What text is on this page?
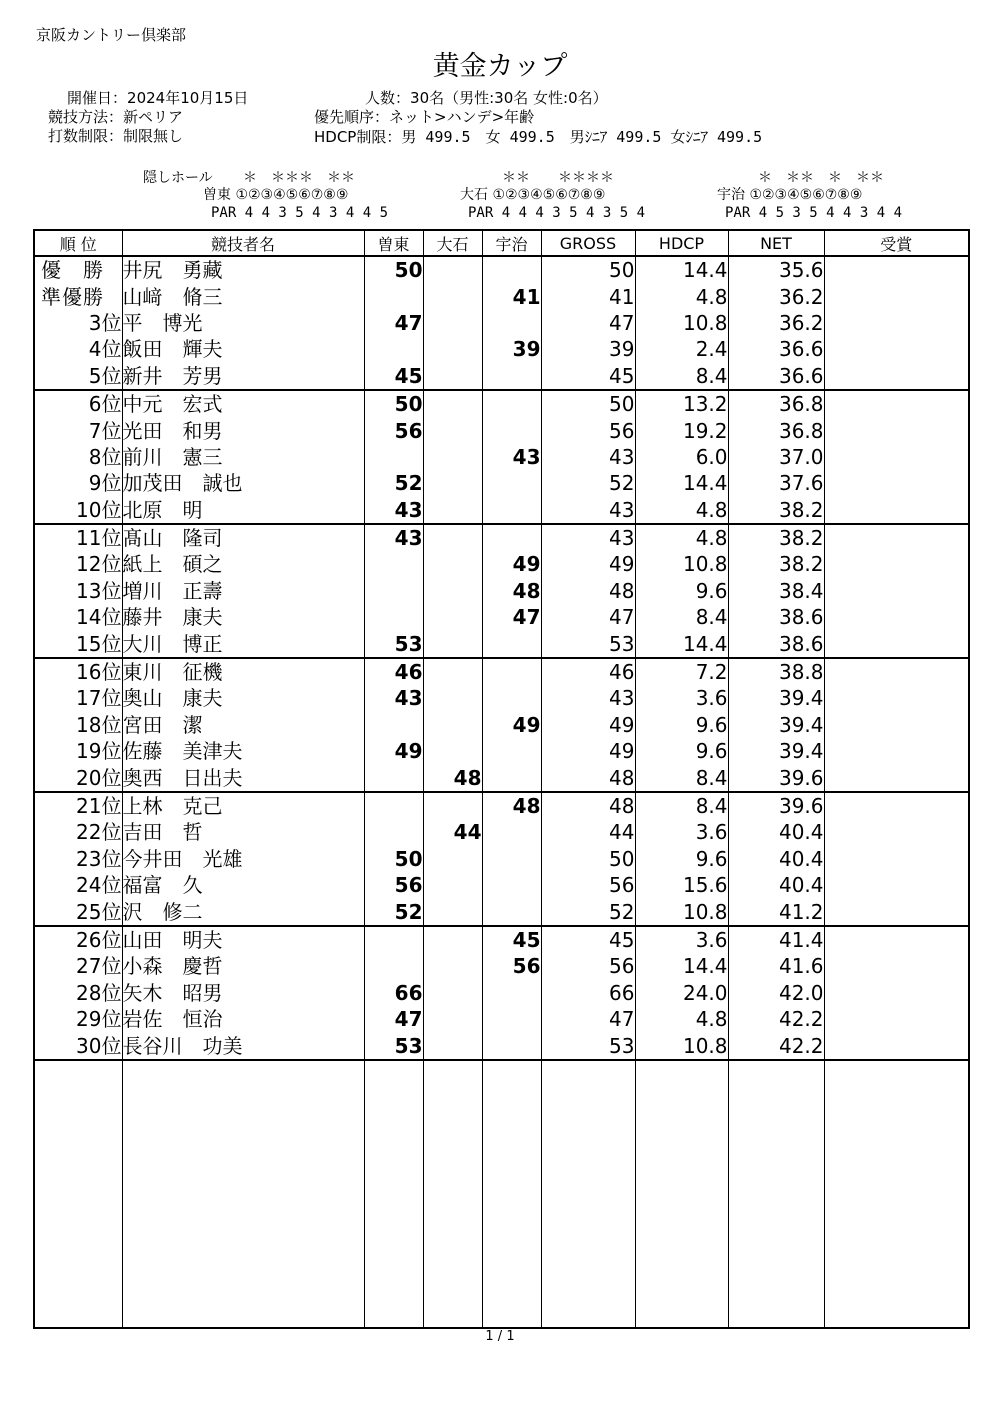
京阪カントリー倶楽部
黄金カップ
開催日：2024年10月15日
競技方法：新ペリア
打数制限：制限無し
人数：30名（男性:30名 女性:0名）
優先順序：ネット>ハンデ>年齢
HDCP制限：男 499.5　女 499.5　男ｼﾆｱ 499.5 女ｼﾆｱ 499.5
隠しホール ＊　＊＊＊　＊＊
曽東 ①②③④⑤⑥⑦⑧⑨
PAR 4 4 3 5 4 3 4 4 5
＊＊　　＊＊＊＊
大石 ①②③④⑤⑥⑦⑧⑨
PAR 4 4 4 3 5 4 3 5 4
＊　＊＊　＊　＊＊
宇治 ①②③④⑤⑥⑦⑧⑨
PAR 4 5 3 5 4 4 3 4 4
順 位	競技者名	曽東	大石	宇治	GROSS	HDCP	NET	受賞
優　勝	井尻　勇藏	50			50	14.4	35.6	
準優勝	山﨑　脩三			41	41	4.8	36.2	
3位	平　博光	47			47	10.8	36.2	
4位	飯田　輝夫			39	39	2.4	36.6	
5位	新井　芳男	45			45	8.4	36.6	
6位	中元　宏式	50			50	13.2	36.8	
7位	光田　和男	56			56	19.2	36.8	
8位	前川　憲三			43	43	6.0	37.0	
9位	加茂田　誠也	52			52	14.4	37.6	
10位	北原　明	43			43	4.8	38.2	
11位	髙山　隆司	43			43	4.8	38.2	
12位	紙上　碩之			49	49	10.8	38.2	
13位	増川　正壽			48	48	9.6	38.4	
14位	藤井　康夫			47	47	8.4	38.6	
15位	大川　博正	53			53	14.4	38.6	
16位	東川　征機	46			46	7.2	38.8	
17位	奥山　康夫	43			43	3.6	39.4	
18位	宮田　潔			49	49	9.6	39.4	
19位	佐藤　美津夫	49			49	9.6	39.4	
20位	奥西　日出夫		48		48	8.4	39.6	
21位	上林　克己			48	48	8.4	39.6	
22位	吉田　哲		44		44	3.6	40.4	
23位	今井田　光雄	50			50	9.6	40.4	
24位	福富　久	56			56	15.6	40.4	
25位	沢　修二	52			52	10.8	41.2	
26位	山田　明夫			45	45	3.6	41.4	
27位	小森　慶哲			56	56	14.4	41.6	
28位	矢木　昭男	66			66	24.0	42.0	
29位	岩佐　恒治	47			47	4.8	42.2	
30位	長谷川　功美	53			53	10.8	42.2	

1 / 1
